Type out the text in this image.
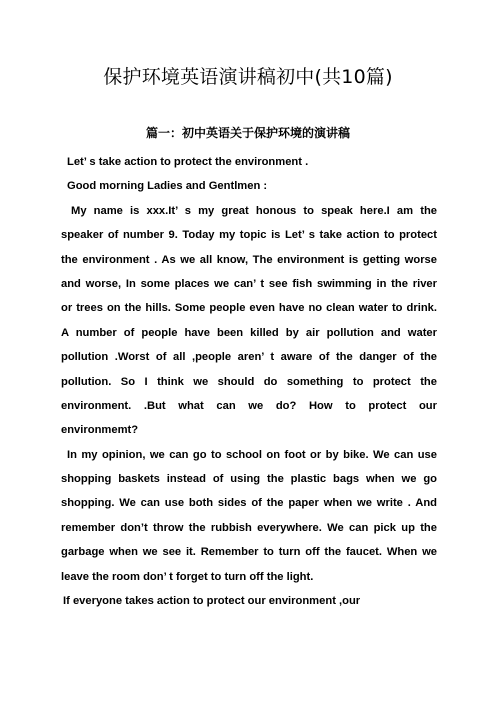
保护环境英语演讲稿初中(共10篇)
篇一：初中英语关于保护环境的演讲稿
Let’ s take action to protect the environment .
Good morning Ladies and Gentlmen :
My name is xxx.It’ s my great honous to speak here.I am the
speaker of number 9. Today my topic is Let’ s take action to protect
the environment . As we all know, The environment is getting worse
and worse, In some places we can’ t see fish swimming in the river
or trees on the hills. Some people even have no clean water to drink.
A number of people have been killed by air pollution and water
pollution .Worst of all ,people aren’ t aware of the danger of the
pollution. So I think we should do something to protect the
environment. .But what can we do? How to protect our
environmemt?
In my opinion, we can go to school on foot or by bike. We can use
shopping baskets instead of using the plastic bags when we go
shopping. We can use both sides of the paper when we write . And
remember don’t throw the rubbish everywhere. We can pick up the
garbage when we see it. Remember to turn off the faucet. When we
leave the room don’ t forget to turn off the light.
If everyone takes action to protect our environment ,our
